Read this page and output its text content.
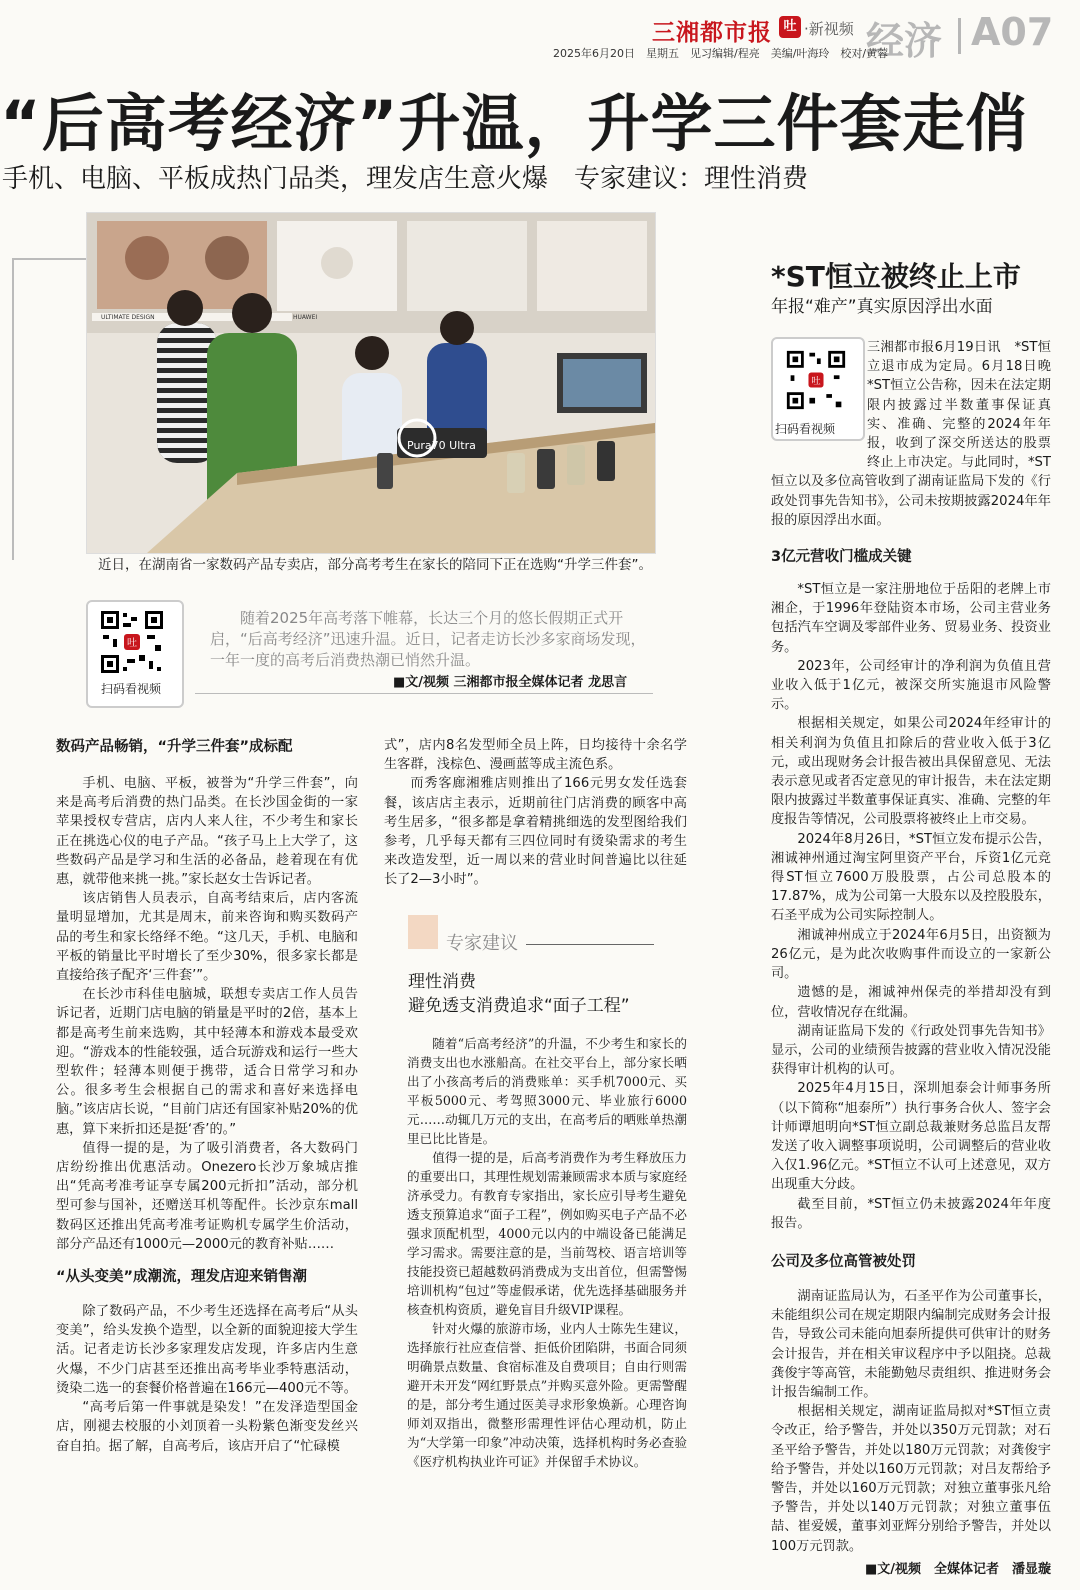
三湘都市报 吐 ·新视频 经济 A07
2025年6月20日　星期五　见习编辑/程亮　美编/叶海玲　校对/黄蓉
“后高考经济”升温，升学三件套走俏
手机、电脑、平板成热门品类，理发店生意火爆　专家建议：理性消费
ULTIMATE DESIGN	HUAWEI
Pura70 Ultra
近日，在湖南省一家数码产品专卖店，部分高考考生在家长的陪同下正在选购“升学三件套”。
吐
扫码看视频
随着2025年高考落下帷幕，长达三个月的悠长假期正式开启，“后高考经济”迅速升温。近日，记者走访长沙多家商场发现，一年一度的高考后消费热潮已悄然升温。
■文/视频 三湘都市报全媒体记者 龙思言
数码产品畅销，“升学三件套”成标配

手机、电脑、平板，被誉为“升学三件套”，向来是高考后消费的热门品类。在长沙国金街的一家苹果授权专营店，店内人来人往，不少考生和家长正在挑选心仪的电子产品。“孩子马上上大学了，这些数码产品是学习和生活的必备品，趁着现在有优惠，就带他来挑一挑。”家长赵女士告诉记者。

该店销售人员表示，自高考结束后，店内客流量明显增加，尤其是周末，前来咨询和购买数码产品的考生和家长络绎不绝。“这几天，手机、电脑和平板的销量比平时增长了至少30%，很多家长都是直接给孩子配齐‘三件套’”。

在长沙市科佳电脑城，联想专卖店工作人员告诉记者，近期门店电脑的销量是平时的2倍，基本上都是高考生前来选购，其中轻薄本和游戏本最受欢迎。“游戏本的性能较强，适合玩游戏和运行一些大型软件；轻薄本则便于携带，适合日常学习和办公。很多考生会根据自己的需求和喜好来选择电脑。”该店店长说，“目前门店还有国家补贴20%的优惠，算下来折扣还是挺‘香’的。”

值得一提的是，为了吸引消费者，各大数码门店纷纷推出优惠活动。Onezero长沙万象城店推出“凭高考准考证享专属200元折扣”活动，部分机型可参与国补，还赠送耳机等配件。长沙京东mall数码区还推出凭高考准考证购机专属学生价活动，部分产品还有1000元—2000元的教育补贴……

“从头变美”成潮流，理发店迎来销售潮

除了数码产品，不少考生还选择在高考后“从头变美”，给头发换个造型，以全新的面貌迎接大学生活。记者走访长沙多家理发店发现，许多店内生意火爆，不少门店甚至还推出高考毕业季特惠活动，烫染二选一的套餐价格普遍在166元—400元不等。

“高考后第一件事就是染发！”在发泽造型国金店，刚褪去校服的小刘顶着一头粉紫色渐变发丝兴奋自拍。据了解，自高考后，该店开启了“忙碌模

式”，店内8名发型师全员上阵，日均接待十余名学生客群，浅棕色、漫画蓝等成主流色系。

而秀客廊湘雅店则推出了166元男女发任选套餐，该店店主表示，近期前往门店消费的顾客中高考生居多，“很多都是拿着精挑细选的发型图给我们参考，几乎每天都有三四位同时有烫染需求的考生来改造发型，近一周以来的营业时间普遍比以往延长了2—3小时”。

专家建议
理性消费
避免透支消费追求“面子工程”

随着“后高考经济”的升温，不少考生和家长的消费支出也水涨船高。在社交平台上，部分家长晒出了小孩高考后的消费账单：买手机7000元、买平板5000元、考驾照3000元、毕业旅行6000元……动辄几万元的支出，在高考后的晒账单热潮里已比比皆是。

值得一提的是，后高考消费作为考生释放压力的重要出口，其理性规划需兼顾需求本质与家庭经济承受力。有教育专家指出，家长应引导考生避免透支预算追求“面子工程”，例如购买电子产品不必强求顶配机型，4000元以内的中端设备已能满足学习需求。需要注意的是，当前驾校、语言培训等技能投资已超越数码消费成为支出首位，但需警惕培训机构“包过”等虚假承诺，优先选择基础服务并核查机构资质，避免盲目升级VIP课程。

针对火爆的旅游市场，业内人士陈先生建议，选择旅行社应查信誉、拒低价团陷阱，书面合同须明确景点数量、食宿标准及自费项目；自由行则需避开未开发“网红野景点”并购买意外险。更需警醒的是，部分考生通过医美寻求形象焕新。心理咨询师刘双指出，微整形需理性评估心理动机，防止为“大学第一印象”冲动决策，选择机构时务必查验《医疗机构执业许可证》并保留手术协议。

*ST恒立被终止上市
年报“难产”真实原因浮出水面
吐
扫码看视频

三湘都市报6月19日讯　*ST恒立退市成为定局。6月18日晚*ST恒立公告称，因未在法定期限内披露过半数董事保证真实、准确、完整的2024年年报，收到了深交所送达的股票终止上市决定。与此同时，*ST恒立以及多位高管收到了湖南证监局下发的《行政处罚事先告知书》，公司未按期披露2024年年报的原因浮出水面。

3亿元营收门槛成关键

*ST恒立是一家注册地位于岳阳的老牌上市湘企，于1996年登陆资本市场，公司主营业务包括汽车空调及零部件业务、贸易业务、投资业务。

2023年，公司经审计的净利润为负值且营业收入低于1亿元，被深交所实施退市风险警示。

根据相关规定，如果公司2024年经审计的相关利润为负值且扣除后的营业收入低于3亿元，或出现财务会计报告被出具保留意见、无法表示意见或者否定意见的审计报告，未在法定期限内披露过半数董事保证真实、准确、完整的年度报告等情况，公司股票将被终止上市交易。

2024年8月26日，*ST恒立发布提示公告，湘诚神州通过淘宝阿里资产平台，斥资1亿元竞得ST恒立7600万股股票，占公司总股本的17.87%，成为公司第一大股东以及控股股东，石圣平成为公司实际控制人。

湘诚神州成立于2024年6月5日，出资额为26亿元，是为此次收购事件而设立的一家新公司。

遗憾的是，湘诚神州保壳的举措却没有到位，营收情况存在纰漏。

湖南证监局下发的《行政处罚事先告知书》显示，公司的业绩预告披露的营业收入情况没能获得审计机构的认可。

2025年4月15日，深圳旭泰会计师事务所（以下简称“旭泰所”）执行事务合伙人、签字会计师谭旭明向*ST恒立副总裁兼财务总监吕友帮发送了收入调整事项说明，公司调整后的营业收入仅1.96亿元。*ST恒立不认可上述意见，双方出现重大分歧。

截至目前，*ST恒立仍未披露2024年年度报告。

公司及多位高管被处罚

湖南证监局认为，石圣平作为公司董事长，未能组织公司在规定期限内编制完成财务会计报告，导致公司未能向旭泰所提供可供审计的财务会计报告，并在相关审议程序中予以阻挠。总裁龚俊宇等高管，未能勤勉尽责组织、推进财务会计报告编制工作。

根据相关规定，湖南证监局拟对*ST恒立责令改正，给予警告，并处以350万元罚款；对石圣平给予警告，并处以180万元罚款；对龚俊宇给予警告，并处以160万元罚款；对吕友帮给予警告，并处以160万元罚款；对独立董事张凡给予警告，并处以140万元罚款；对独立董事伍喆、崔爱媛，董事刘亚辉分别给予警告，并处以100万元罚款。

■文/视频　全媒体记者　潘显璇
